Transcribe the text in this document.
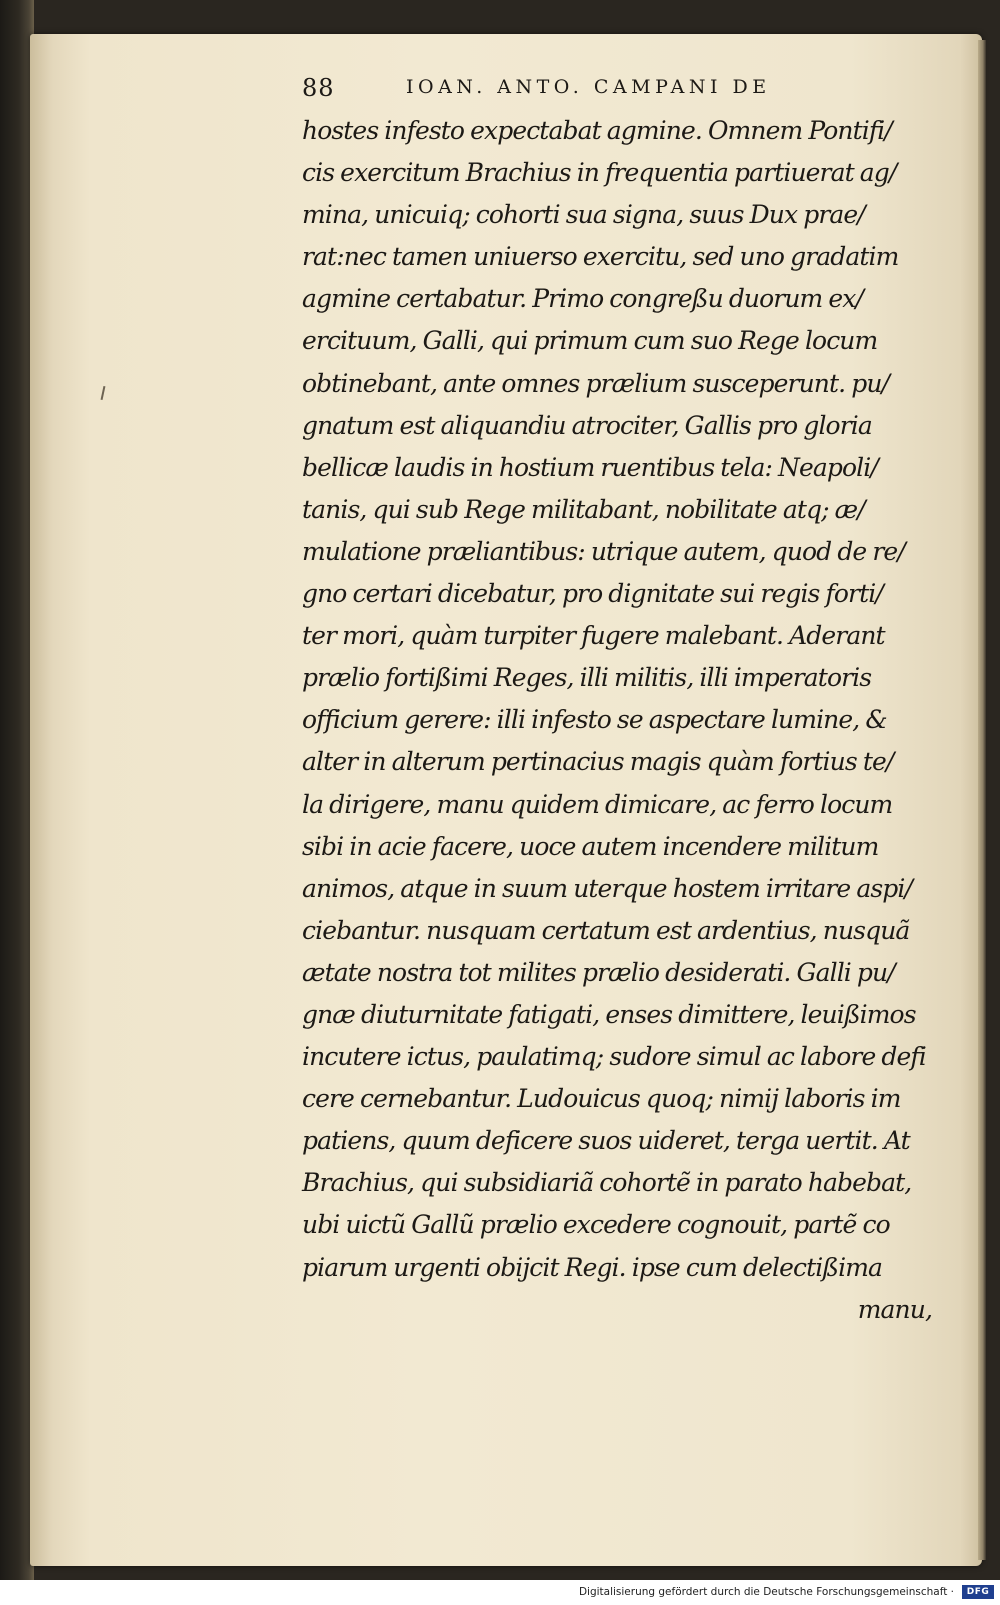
88	IOAN. ANTO. CAMPANI DE
hostes infesto expectabat agmine. Omnem Pontifi/
cis exercitum Brachius in frequentia partiuerat ag/
mina, unicuiq; cohorti sua signa, suus Dux prae/
rat:nec tamen uniuerso exercitu, sed uno gradatim
agmine certabatur. Primo congreßu duorum ex/
ercituum, Galli, qui primum cum suo Rege locum
obtinebant, ante omnes prælium susceperunt. pu/
gnatum est aliquandiu atrociter, Gallis pro gloria
bellicæ laudis in hostium ruentibus tela: Neapoli/
tanis, qui sub Rege militabant, nobilitate atq; æ/
mulatione præliantibus: utrique autem, quod de re/
gno certari dicebatur, pro dignitate sui regis forti/
ter mori, quàm turpiter fugere malebant. Aderant
prælio fortißimi Reges, illi militis, illi imperatoris
officium gerere: illi infesto se aspectare lumine, &
alter in alterum pertinacius magis quàm fortius te/
la dirigere, manu quidem dimicare, ac ferro locum
sibi in acie facere, uoce autem incendere militum
animos, atque in suum uterque hostem irritare aspi/
ciebantur. nusquam certatum est ardentius, nusquã
ætate nostra tot milites prælio desiderati. Galli pu/
gnæ diuturnitate fatigati, enses dimittere, leuißimos
incutere ictus, paulatimq; sudore simul ac labore defi
cere cernebantur. Ludouicus quoq; nimij laboris im
patiens, quum deficere suos uideret, terga uertit. At
Brachius, qui subsidiariã cohortẽ in parato habebat,
ubi uictũ Gallũ prælio excedere cognouit, partẽ co
piarum urgenti obijcit Regi. ipse cum delectißima
manu,
Digitalisierung gefördert durch die Deutsche Forschungsgemeinschaft ·	DFG
